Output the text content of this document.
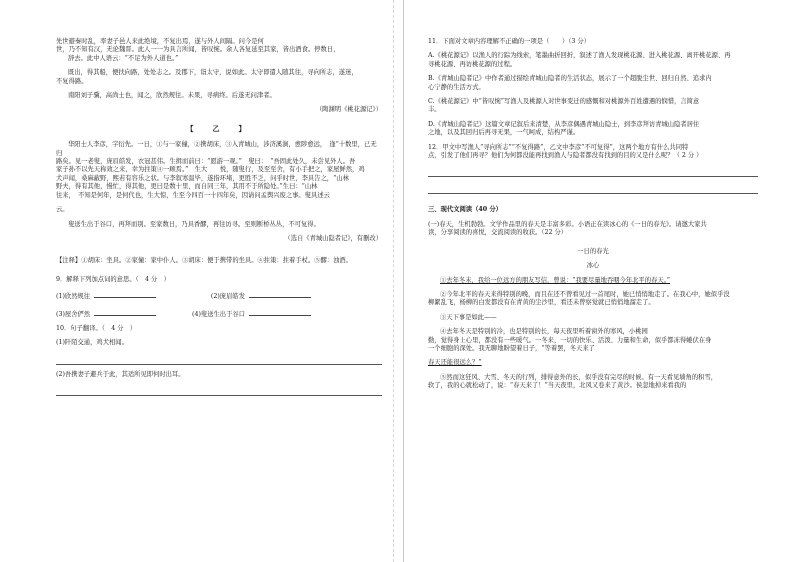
先世避秦时乱，率妻子邑人来此绝境，不复出焉，遂与外人间隔。问今是何

世，乃不知有汉，无论魏晋。此人一一为具言所闻，皆叹惋。余人各复延至其家，皆出酒食。停数日，

辞去。此中人语云：“不足为外人道也。”

既出，得其船，便扶向路，处处志之。及郡下，诣太守，说如此。太守即遣人随其往，寻向所志，遂迷，

不复得路。

南阳刘子骥，高尚士也，闻之，欣然规往。未果，寻病终。后遂无问津者。

（陶渊明《桃花源记》）

【　乙　】

华阳士人李彦，字衍先。一日，①与一家僮，②携胡床，③入青城山，涉济溪涧，愈陟愈远，　逢“十数里，已无归

路矣。见一老叟，庞眉皓发，衣冠甚伟。生揖而前曰：“愿游一观。”　叟曰：　“吾固此处久，未尝见外人。吾

家子孙不以先天称效之来，幸为拄策④一顾焉。”　生大　　悦，随叟行，及至至舍，有小手把之，家屋鲜然，鸡

犬声闻，桑麻蔽野，熙若有容乐之状。与李叙寒温毕，遂指环堵，更胜不乏，问乎时世，李具告之，“山林

野夫，得有其他，慢忙，得其他，更曰是数十里，而自同三年，其用不于所隐处。”生曰：“山林

往来，　不知是何年，是何代也，生大惊，生至今四百一十四年矣，因请问孟舆兴废之事。叟具述云

云。

叟送生出于谷口，再拜而别。至家数日，乃具香醪，再往访寻。至则断桥丛丛，不可复得。

（选自《青城山隐者记》，有删改）

【注释】①胡床：坐具。②家僮：家中仆人。③胡床：便于携带的坐具。④拄策：拄着手杖。⑤醪：浊酒。

9．解释下列加点词的意思。（　4 分　）

(1)欣然规往	(2)庞眉皓发
(3)屋舍俨然	(4)叟送生出于谷口

10．句子翻译。（　4 分　）

(1)阡陌交通，鸡犬相闻。

(2)吾携妻子避兵于此，其适所见即何时出耳。

11．下面对文章内容理解不正确的一项是（　　）（3 分）

A.《桃花源记》以渔人的行踪为线索，笔墨曲折回折，叙述了渔人发现桃花源、进入桃花源、离开桃花源、再

寻桃花源、再访桃花源的过程。

B.《青城山隐者记》中作者通过描绘青城山隐者的生活状态，展示了一个超脱尘世、回归自然、追求内

心宁静的生活方式。

C.《桃花源记》中“皆叹惋”写渔人及桃源人对世事变迁的感慨和对桃源外百姓遭遇的悯惜，言简意

丰。

D.《青城山隐者记》这篇文章记叙后来清楚，从李彦偶遇青城山隐士，到李彦拜访青城山隐者居住

之地，以及其回归后再寻无果，一气呵成，结构严谨。

12．甲文中写渔人“寻向所志”“不复得路”，乙文中李彦“不可复得”，这两个地方有什么共同特

点，引发了他们再寻？他们为何都没能再找到渔人与隐者都没有找到的目的又是什么呢？（ 2 分 ）

三、现代文阅读（40 分）

(一)春天，生机勃勃。文学作品里的春天是丰富多彩。小语正在读冰心的《一日的春光》。请邀大家共

读，分享阅读的喜悦，交流阅读的收获。（22 分）

一日的春光

冰心

①去年冬末，我给一位远方的朋友写信，曾说：“我要尽量地吞咽今年北平的春天。”

②今年北平的春天来得特别的晚，而且在还不曾看见过一首尾时，她已悄悄地走了。在我心中，她似乎没

柳絮乱飞，杨柳的白发都没有在青黄的尘沙里，看还未曾察觉就已悄悄地溜走了。

③天下事是如此——

④去年冬天是特别的冷，也是特别的长，每天夜里听着窗外的寒风，小桃园

勤，觉得身上心里，都没有一些暖气。一冬来，一切的快乐、活泼、力量和生命，似乎都冻得蜷伏在身

一个细胞的深处。我无聊地盼望着日子，“等着罢，冬天来了

春天还能很远么？”

⑤然而这狂风、大雪、冬天的行列，排得意外的长，似乎没有完尽的时候。有一天看见墙角的积雪，

软了，我的心就松动了，说：“春天来了！”当天夜里，北风又卷来了黄沙。侯忽地掉来看我的
